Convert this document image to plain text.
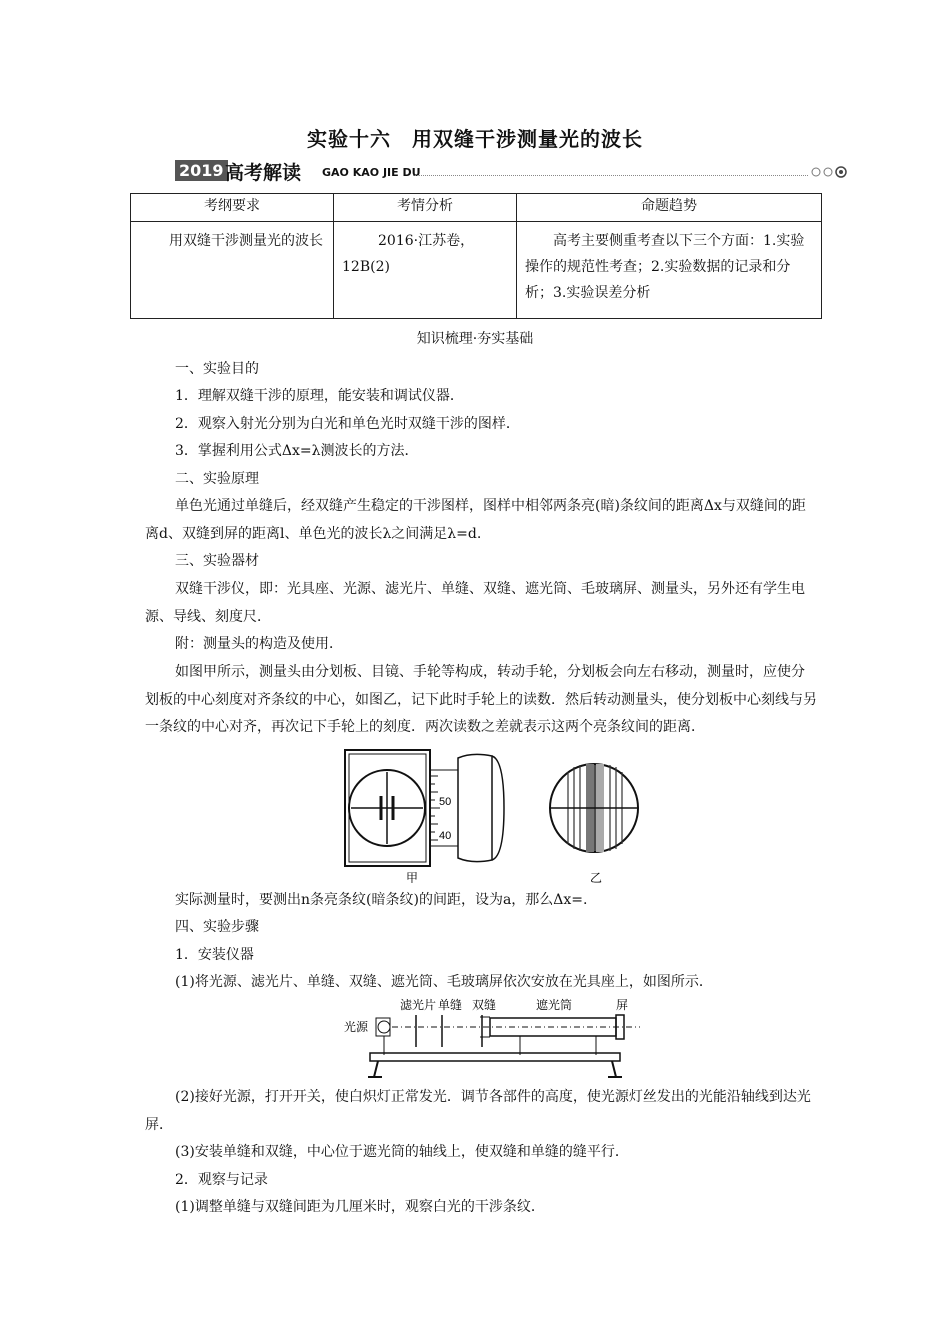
实验十六　用双缝干涉测量光的波长
2019 高考解读 GAO KAO JIE DU
考纲要求	考情分析	命题趋势
用双缝干涉测量光的波长	2016·江苏卷，12B(2)	高考主要侧重考查以下三个方面：1.实验操作的规范性考查；2.实验数据的记录和分析；3.实验误差分析
知识梳理·夯实基础
一、实验目的
1．理解双缝干涉的原理，能安装和调试仪器．
2．观察入射光分别为白光和单色光时双缝干涉的图样．
3．掌握利用公式Δx=λ测波长的方法．
二、实验原理
单色光通过单缝后，经双缝产生稳定的干涉图样，图样中相邻两条亮(暗)条纹间的距离Δx与双缝间的距离d、双缝到屏的距离l、单色光的波长λ之间满足λ=d.
三、实验器材
双缝干涉仪，即：光具座、光源、滤光片、单缝、双缝、遮光筒、毛玻璃屏、测量头，另外还有学生电源、导线、刻度尺．
附：测量头的构造及使用．
如图甲所示，测量头由分划板、目镜、手轮等构成，转动手轮，分划板会向左右移动，测量时，应使分划板的中心刻度对齐条纹的中心，如图乙，记下此时手轮上的读数．然后转动测量头，使分划板中心刻线与另一条纹的中心对齐，再次记下手轮上的刻度．两次读数之差就表示这两个亮条纹间的距离．
50
40
甲	乙
实际测量时，要测出n条亮条纹(暗条纹)的间距，设为a，那么Δx=.
四、实验步骤
1．安装仪器
(1)将光源、滤光片、单缝、双缝、遮光筒、毛玻璃屏依次安放在光具座上，如图所示．
光源
滤光片 单缝 双缝	遮光筒	屏
(2)接好光源，打开开关，使白炽灯正常发光．调节各部件的高度，使光源灯丝发出的光能沿轴线到达光屏．
(3)安装单缝和双缝，中心位于遮光筒的轴线上，使双缝和单缝的缝平行．
2．观察与记录
(1)调整单缝与双缝间距为几厘米时，观察白光的干涉条纹．
